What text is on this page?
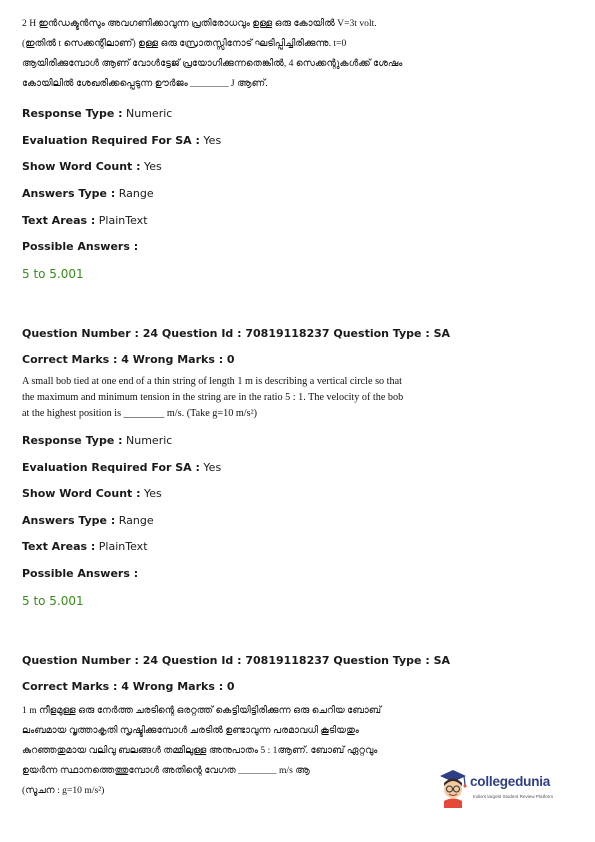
2 H ഇൻഡക്ടൻസും അവഗണിക്കാവുന്ന പ്രതിരോധവും ഉള്ള ഒരു കോയിൽ V=3t volt.
(ഇതിൽ t സെക്കന്റിലാണ്) ഉള്ള ഒരു സ്രോതസ്സിനോട് ഘടിപ്പിച്ചിരിക്കുന്നു. t=0
ആയിരിക്കുമ്പോൾ ആണ് വോൾട്ടേജ് പ്രയോഗിക്കുന്നതെങ്കിൽ, 4 സെക്കന്റുകൾക്ക് ശേഷം
കോയിലിൽ ശേഖരിക്കപ്പെടുന്ന ഊർജം ________ J ആണ്.

Response Type : Numeric

Evaluation Required For SA : Yes

Show Word Count : Yes

Answers Type : Range

Text Areas : PlainText

Possible Answers :

5 to 5.001

Question Number : 24 Question Id : 70819118237 Question Type : SA

Correct Marks : 4 Wrong Marks : 0

A small bob tied at one end of a thin string of length 1 m is describing a vertical circle so that
the maximum and minimum tension in the string are in the ratio 5 : 1. The velocity of the bob
at the highest position is ________ m/s. (Take g=10 m/s²)

Response Type : Numeric

Evaluation Required For SA : Yes

Show Word Count : Yes

Answers Type : Range

Text Areas : PlainText

Possible Answers :

5 to 5.001

Question Number : 24 Question Id : 70819118237 Question Type : SA

Correct Marks : 4 Wrong Marks : 0

1 m നീളമുള്ള ഒരു നേർത്ത ചരടിന്റെ ഒരറ്റത്ത് കെട്ടിയിട്ടിരിക്കുന്ന ഒരു ചെറിയ ബോബ്
ലംബമായ വൃത്താകൃതി സൃഷ്ടിക്കുമ്പോൾ ചരടിൽ ഉണ്ടാവുന്ന പരമാവധി കൂടിയതും
കുറഞ്ഞതുമായ വലിവു ബലങ്ങൾ തമ്മിലുള്ള അനുപാതം 5 : 1ആണ്. ബോബ് ഏറ്റവും
ഉയർന്ന സ്ഥാനത്തെത്തുമ്പോൾ അതിന്റെ വേഗത ________ m/s ആ
(സൂചന : g=10 m/s²)
collegedunia
India's largest Student Review Platform
